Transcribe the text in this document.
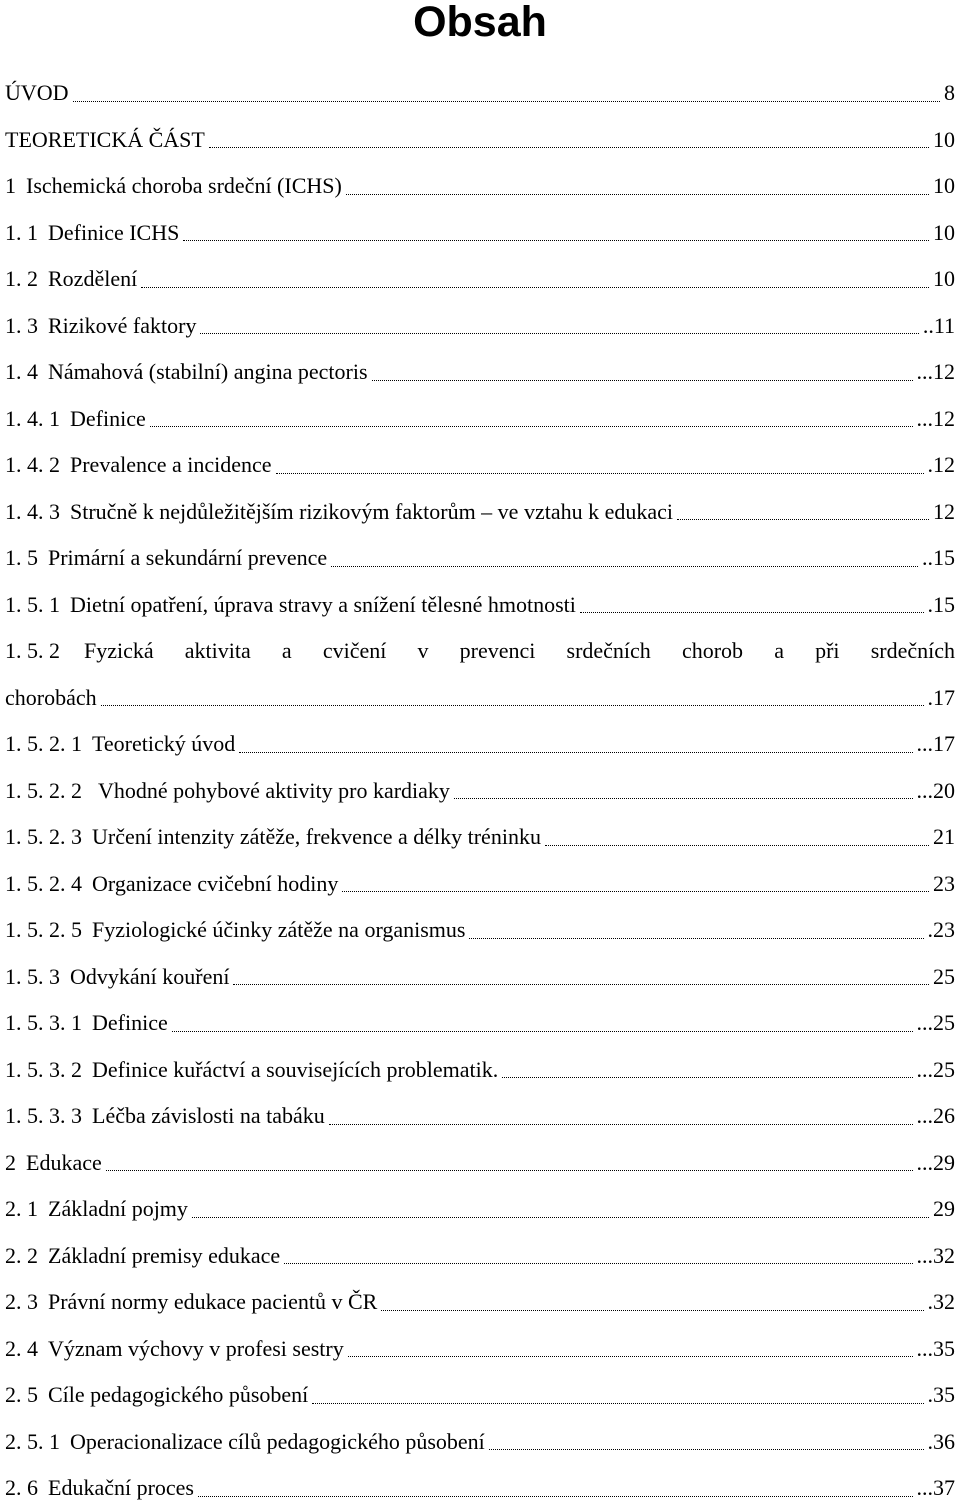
Obsah
ÚVOD	8
TEORETICKÁ ČÁST	10
1 Ischemická choroba srdeční (ICHS)	10
1. 1 Definice ICHS	10
1. 2 Rozdělení	10
1. 3 Rizikové faktory	..11
1. 4 Námahová (stabilní) angina pectoris	...12
1. 4. 1 Definice	...12
1. 4. 2 Prevalence a incidence	.12
1. 4. 3 Stručně k nejdůležitějším rizikovým faktorům – ve vztahu k edukaci	12
1. 5 Primární a sekundární prevence	..15
1. 5. 1 Dietní opatření, úprava stravy a snížení tělesné hmotnosti	.15
1. 5. 2 Fyzická aktivita a cvičení v prevenci srdečních chorob a při srdečních
chorobách	.17
1. 5. 2. 1 Teoretický úvod	...17
1. 5. 2. 2 Vhodné pohybové aktivity pro kardiaky	...20
1. 5. 2. 3 Určení intenzity zátěže, frekvence a délky tréninku	21
1. 5. 2. 4 Organizace cvičební hodiny	23
1. 5. 2. 5 Fyziologické účinky zátěže na organismus	.23
1. 5. 3 Odvykání kouření	25
1. 5. 3. 1 Definice	...25
1. 5. 3. 2 Definice kuřáctví a souvisejících problematik.	...25
1. 5. 3. 3 Léčba závislosti na tabáku	...26
2 Edukace	...29
2. 1 Základní pojmy	29
2. 2 Základní premisy edukace	...32
2. 3 Právní normy edukace pacientů v ČR	.32
2. 4 Význam výchovy v profesi sestry	...35
2. 5 Cíle pedagogického působení	.35
2. 5. 1 Operacionalizace cílů pedagogického působení	.36
2. 6 Edukační proces	...37
